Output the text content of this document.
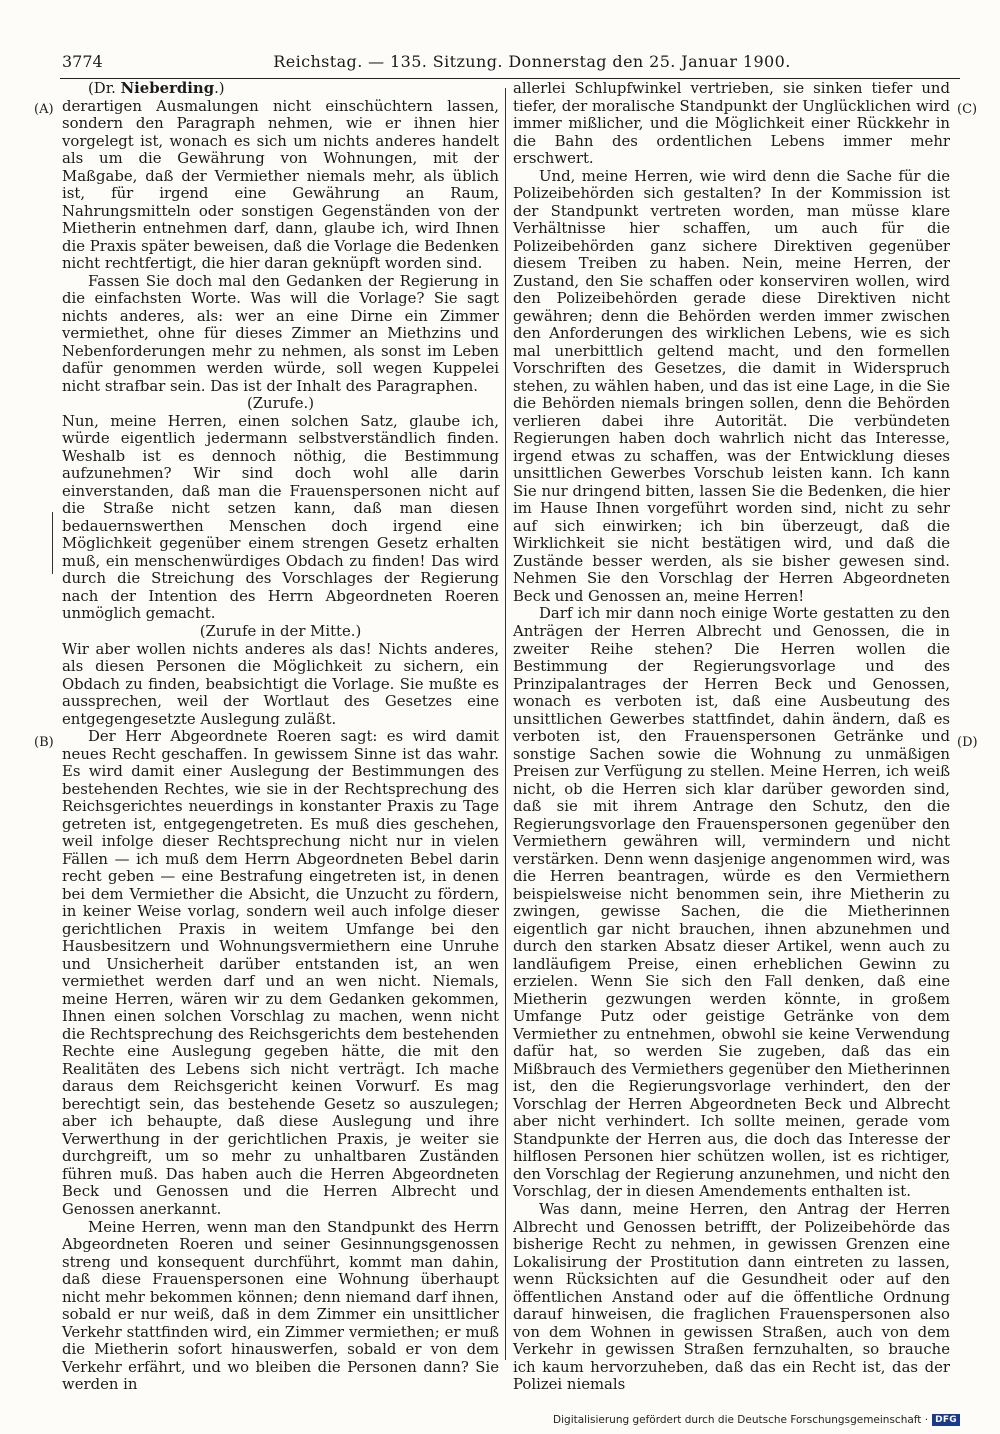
3774	Reichstag. — 135. Sitzung. Donnerstag den 25. Januar 1900.
(A)
(B)
(C)
(D)

(Dr. Nieberding.)

derartigen Ausmalungen nicht einschüchtern lassen, sondern den Paragraph nehmen, wie er ihnen hier vorgelegt ist, wonach es sich um nichts anderes handelt als um die Gewährung von Wohnungen, mit der Maßgabe, daß der Vermiether niemals mehr, als üblich ist, für irgend eine Gewährung an Raum, Nahrungsmitteln oder sonstigen Gegenständen von der Mietherin entnehmen darf, dann, glaube ich, wird Ihnen die Praxis später beweisen, daß die Vorlage die Bedenken nicht rechtfertigt, die hier daran geknüpft worden sind.

Fassen Sie doch mal den Gedanken der Regierung in die einfachsten Worte. Was will die Vorlage? Sie sagt nichts anderes, als: wer an eine Dirne ein Zimmer vermiethet, ohne für dieses Zimmer an Miethzins und Nebenforderungen mehr zu nehmen, als sonst im Leben dafür genommen werden würde, soll wegen Kuppelei nicht strafbar sein. Das ist der Inhalt des Paragraphen.

(Zurufe.)

Nun, meine Herren, einen solchen Satz, glaube ich, würde eigentlich jedermann selbstverständlich finden. Weshalb ist es dennoch nöthig, die Bestimmung aufzunehmen? Wir sind doch wohl alle darin einverstanden, daß man die Frauenspersonen nicht auf die Straße nicht setzen kann, daß man diesen bedauernswerthen Menschen doch irgend eine Möglichkeit gegenüber einem strengen Gesetz erhalten muß, ein menschenwürdiges Obdach zu finden! Das wird durch die Streichung des Vorschlages der Regierung nach der Intention des Herrn Abgeordneten Roeren unmöglich gemacht.

(Zurufe in der Mitte.)

Wir aber wollen nichts anderes als das! Nichts anderes, als diesen Personen die Möglichkeit zu sichern, ein Obdach zu finden, beabsichtigt die Vorlage. Sie mußte es aussprechen, weil der Wortlaut des Gesetzes eine entgegengesetzte Auslegung zuläßt.

Der Herr Abgeordnete Roeren sagt: es wird damit neues Recht geschaffen. In gewissem Sinne ist das wahr. Es wird damit einer Auslegung der Bestimmungen des bestehenden Rechtes, wie sie in der Rechtsprechung des Reichsgerichtes neuerdings in konstanter Praxis zu Tage getreten ist, entgegengetreten. Es muß dies geschehen, weil infolge dieser Rechtsprechung nicht nur in vielen Fällen — ich muß dem Herrn Abgeordneten Bebel darin recht geben — eine Bestrafung eingetreten ist, in denen bei dem Vermiether die Absicht, die Unzucht zu fördern, in keiner Weise vorlag, sondern weil auch infolge dieser gerichtlichen Praxis in weitem Umfange bei den Hausbesitzern und Wohnungsvermiethern eine Unruhe und Unsicherheit darüber entstanden ist, an wen vermiethet werden darf und an wen nicht. Niemals, meine Herren, wären wir zu dem Gedanken gekommen, Ihnen einen solchen Vorschlag zu machen, wenn nicht die Rechtsprechung des Reichsgerichts dem bestehenden Rechte eine Auslegung gegeben hätte, die mit den Realitäten des Lebens sich nicht verträgt. Ich mache daraus dem Reichsgericht keinen Vorwurf. Es mag berechtigt sein, das bestehende Gesetz so auszulegen; aber ich behaupte, daß diese Auslegung und ihre Verwerthung in der gerichtlichen Praxis, je weiter sie durchgreift, um so mehr zu unhaltbaren Zuständen führen muß. Das haben auch die Herren Abgeordneten Beck und Genossen und die Herren Albrecht und Genossen anerkannt.

Meine Herren, wenn man den Standpunkt des Herrn Abgeordneten Roeren und seiner Gesinnungsgenossen streng und konsequent durchführt, kommt man dahin, daß diese Frauenspersonen eine Wohnung überhaupt nicht mehr bekommen können; denn niemand darf ihnen, sobald er nur weiß, daß in dem Zimmer ein unsittlicher Verkehr stattfinden wird, ein Zimmer vermiethen; er muß die Mietherin sofort hinauswerfen, sobald er von dem Verkehr erfährt, und wo bleiben die Personen dann? Sie werden in

allerlei Schlupfwinkel vertrieben, sie sinken tiefer und tiefer, der moralische Standpunkt der Unglücklichen wird immer mißlicher, und die Möglichkeit einer Rückkehr in die Bahn des ordentlichen Lebens immer mehr erschwert.

Und, meine Herren, wie wird denn die Sache für die Polizeibehörden sich gestalten? In der Kommission ist der Standpunkt vertreten worden, man müsse klare Verhältnisse hier schaffen, um auch für die Polizeibehörden ganz sichere Direktiven gegenüber diesem Treiben zu haben. Nein, meine Herren, der Zustand, den Sie schaffen oder konserviren wollen, wird den Polizeibehörden gerade diese Direktiven nicht gewähren; denn die Behörden werden immer zwischen den Anforderungen des wirklichen Lebens, wie es sich mal unerbittlich geltend macht, und den formellen Vorschriften des Gesetzes, die damit in Widerspruch stehen, zu wählen haben, und das ist eine Lage, in die Sie die Behörden niemals bringen sollen, denn die Behörden verlieren dabei ihre Autorität. Die verbündeten Regierungen haben doch wahrlich nicht das Interesse, irgend etwas zu schaffen, was der Entwicklung dieses unsittlichen Gewerbes Vorschub leisten kann. Ich kann Sie nur dringend bitten, lassen Sie die Bedenken, die hier im Hause Ihnen vorgeführt worden sind, nicht zu sehr auf sich einwirken; ich bin überzeugt, daß die Wirklichkeit sie nicht bestätigen wird, und daß die Zustände besser werden, als sie bisher gewesen sind. Nehmen Sie den Vorschlag der Herren Abgeordneten Beck und Genossen an, meine Herren!

Darf ich mir dann noch einige Worte gestatten zu den Anträgen der Herren Albrecht und Genossen, die in zweiter Reihe stehen? Die Herren wollen die Bestimmung der Regierungsvorlage und des Prinzipalantrages der Herren Beck und Genossen, wonach es verboten ist, daß eine Ausbeutung des unsittlichen Gewerbes stattfindet, dahin ändern, daß es verboten ist, den Frauenspersonen Getränke und sonstige Sachen sowie die Wohnung zu unmäßigen Preisen zur Verfügung zu stellen. Meine Herren, ich weiß nicht, ob die Herren sich klar darüber geworden sind, daß sie mit ihrem Antrage den Schutz, den die Regierungsvorlage den Frauenspersonen gegenüber den Vermiethern gewähren will, vermindern und nicht verstärken. Denn wenn dasjenige angenommen wird, was die Herren beantragen, würde es den Vermiethern beispielsweise nicht benommen sein, ihre Mietherin zu zwingen, gewisse Sachen, die die Mietherinnen eigentlich gar nicht brauchen, ihnen abzunehmen und durch den starken Absatz dieser Artikel, wenn auch zu landläufigem Preise, einen erheblichen Gewinn zu erzielen. Wenn Sie sich den Fall denken, daß eine Mietherin gezwungen werden könnte, in großem Umfange Putz oder geistige Getränke von dem Vermiether zu entnehmen, obwohl sie keine Verwendung dafür hat, so werden Sie zugeben, daß das ein Mißbrauch des Vermiethers gegenüber den Mietherinnen ist, den die Regierungsvorlage verhindert, den der Vorschlag der Herren Abgeordneten Beck und Albrecht aber nicht verhindert. Ich sollte meinen, gerade vom Standpunkte der Herren aus, die doch das Interesse der hilflosen Personen hier schützen wollen, ist es richtiger, den Vorschlag der Regierung anzunehmen, und nicht den Vorschlag, der in diesen Amendements enthalten ist.

Was dann, meine Herren, den Antrag der Herren Albrecht und Genossen betrifft, der Polizeibehörde das bisherige Recht zu nehmen, in gewissen Grenzen eine Lokalisirung der Prostitution dann eintreten zu lassen, wenn Rücksichten auf die Gesundheit oder auf den öffentlichen Anstand oder auf die öffentliche Ordnung darauf hinweisen, die fraglichen Frauenspersonen also von dem Wohnen in gewissen Straßen, auch von dem Verkehr in gewissen Straßen fernzuhalten, so brauche ich kaum hervorzuheben, daß das ein Recht ist, das der Polizei niemals

Digitalisierung gefördert durch die Deutsche Forschungsgemeinschaft · DFG
